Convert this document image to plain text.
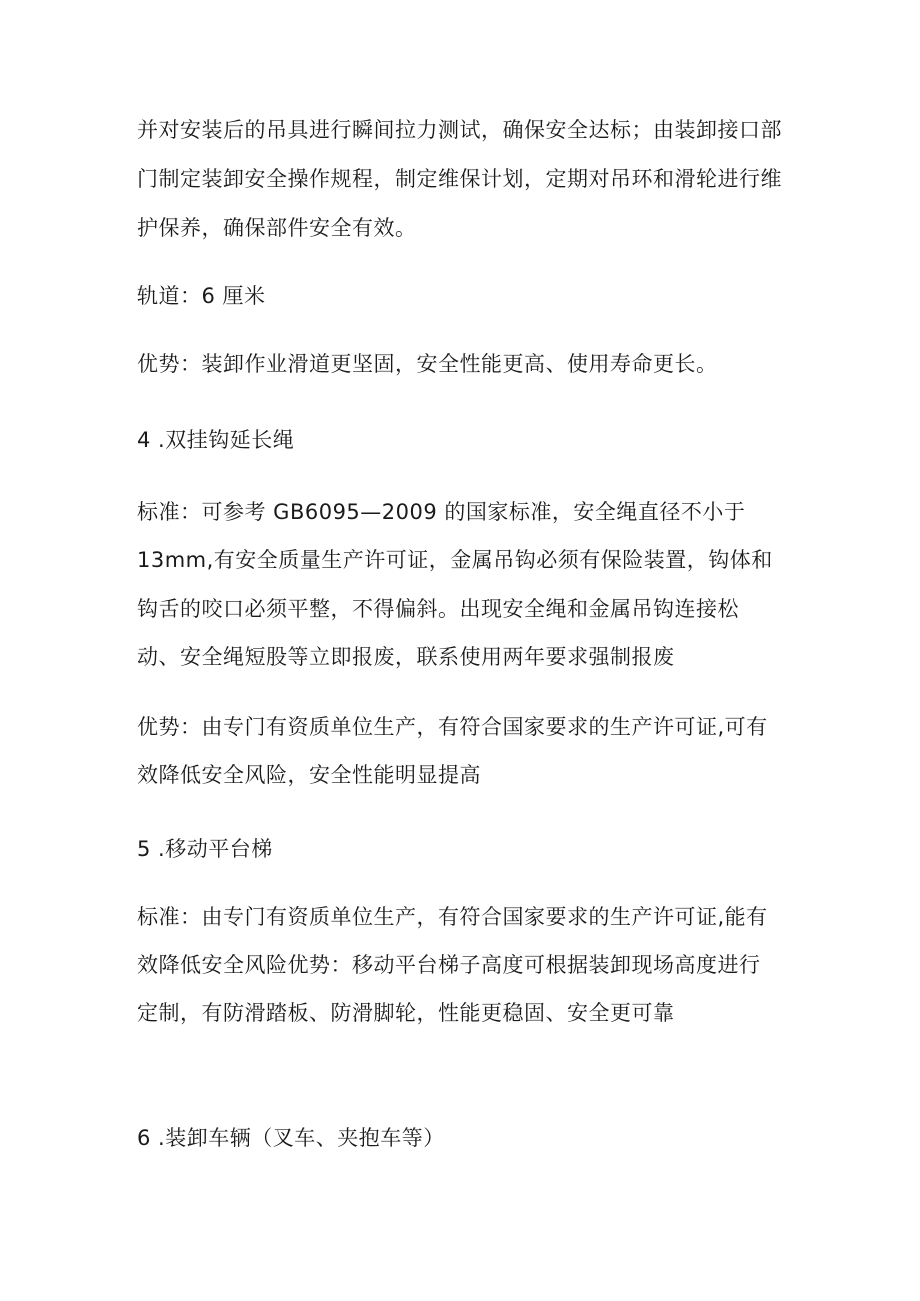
并对安装后的吊具进行瞬间拉力测试，确保安全达标；由装卸接口部
门制定装卸安全操作规程，制定维保计划，定期对吊环和滑轮进行维
护保养，确保部件安全有效。
轨道：6 厘米
优势：装卸作业滑道更坚固，安全性能更高、使用寿命更长。
4 .双挂钩延长绳
标准：可参考 GB6095—2009 的国家标准，安全绳直径不小于
13mm,有安全质量生产许可证，金属吊钩必须有保险装置，钩体和
钩舌的咬口必须平整，不得偏斜。出现安全绳和金属吊钩连接松
动、安全绳短股等立即报废，联系使用两年要求强制报废
优势：由专门有资质单位生产，有符合国家要求的生产许可证,可有
效降低安全风险，安全性能明显提高
5 .移动平台梯
标准：由专门有资质单位生产，有符合国家要求的生产许可证,能有
效降低安全风险优势：移动平台梯子高度可根据装卸现场高度进行
定制，有防滑踏板、防滑脚轮，性能更稳固、安全更可靠
6 .装卸车辆（叉车、夹抱车等）
